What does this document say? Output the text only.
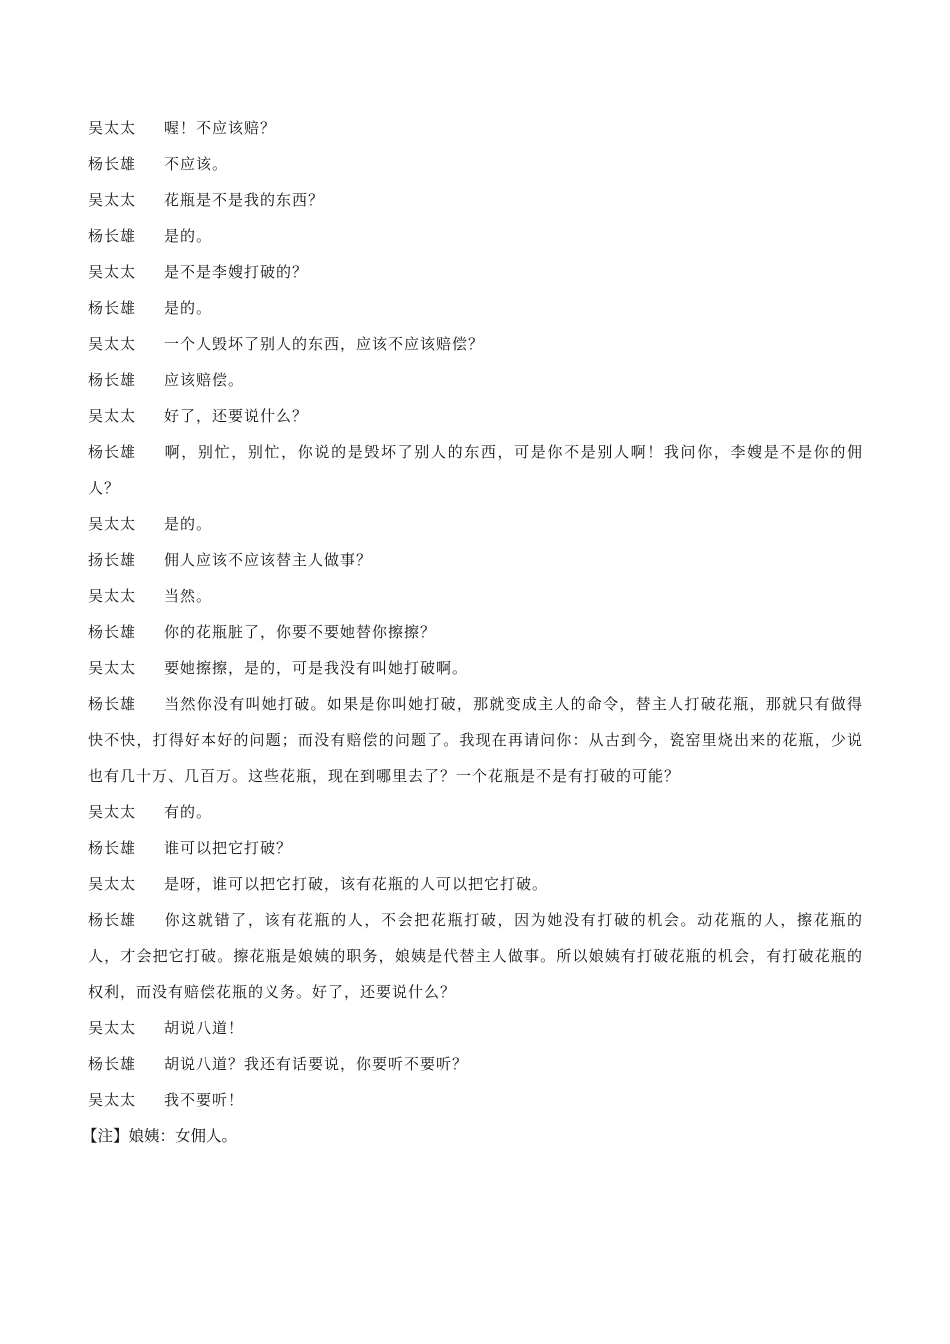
吴太太 喔！不应该赔？

杨长雄 不应该。

吴太太 花瓶是不是我的东西？

杨长雄 是的。

吴太太 是不是李嫂打破的？

杨长雄 是的。

吴太太 一个人毁坏了别人的东西，应该不应该赔偿？

杨长雄 应该赔偿。

吴太太 好了，还要说什么？

杨长雄 啊，别忙，别忙，你说的是毁坏了别人的东西，可是你不是别人啊！我问你，李嫂是不是你的佣人？

吴太太 是的。

扬长雄 佣人应该不应该替主人做事？

吴太太 当然。

杨长雄 你的花瓶脏了，你要不要她替你擦擦？

吴太太 要她擦擦，是的，可是我没有叫她打破啊。

杨长雄 当然你没有叫她打破。如果是你叫她打破，那就变成主人的命令，替主人打破花瓶，那就只有做得快不快，打得好本好的问题；而没有赔偿的问题了。我现在再请问你：从古到今，瓷窑里烧出来的花瓶，少说也有几十万、几百万。这些花瓶，现在到哪里去了？一个花瓶是不是有打破的可能？

吴太太 有的。

杨长雄 谁可以把它打破？

吴太太 是呀，谁可以把它打破，该有花瓶的人可以把它打破。

杨长雄 你这就错了，该有花瓶的人，不会把花瓶打破，因为她没有打破的机会。动花瓶的人，擦花瓶的人，才会把它打破。擦花瓶是娘姨的职务，娘姨是代替主人做事。所以娘姨有打破花瓶的机会，有打破花瓶的权利，而没有赔偿花瓶的义务。好了，还要说什么？

吴太太 胡说八道！

杨长雄 胡说八道？我还有话要说，你要听不要听？

吴太太 我不要听！

【注】娘姨：女佣人。
